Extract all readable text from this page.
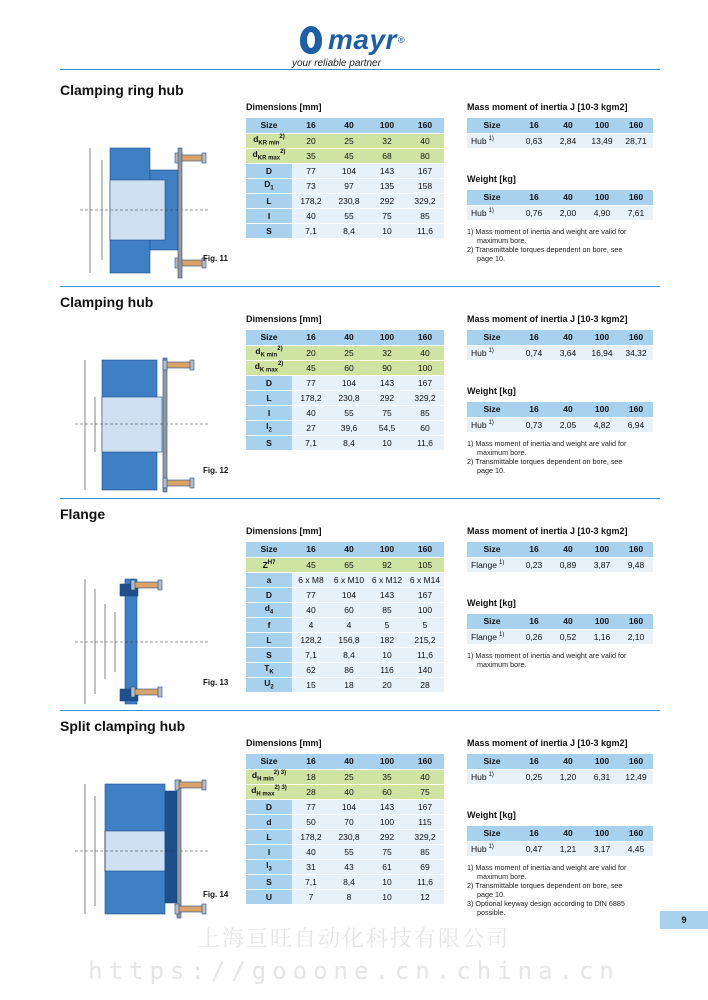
mayr ®
your reliable partner
Clamping ring hub
Fig. 11
Dimensions [mm]
Size	16	40	100	160
$d_{KR min}^{2)}$	20	25	32	40
$d_{KR max}^{2)}$	35	45	68	80
D	77	104	143	167
$D_1$	73	97	135	158
L	178,2	230,8	292	329,2
l	40	55	75	85
S	7,1	8,4	10	11,6
Mass moment of inertia J [10-3 kgm2]
Size	16	40	100	160
Hub $^{1)}$	0,63	2,84	13,49	28,71
Weight [kg]
Size	16	40	100	160
Hub $^{1)}$	0,76	2,00	4,90	7,61
1) Mass moment of inertia and weight are valid for
maximum bore.
2) Transmittable torques dependent on bore, see
page 10.
Clamping hub
Fig. 12
Dimensions [mm]
Size	16	40	100	160
$d_{K min}^{2)}$	20	25	32	40
$d_{K max}^{2)}$	45	60	90	100
D	77	104	143	167
L	178,2	230,8	292	329,2
l	40	55	75	85
$l_2$	27	39,6	54,5	60
S	7,1	8,4	10	11,6
Mass moment of inertia J [10-3 kgm2]
Size	16	40	100	160
Hub $^{1)}$	0,74	3,64	16,94	34,32
Weight [kg]
Size	16	40	100	160
Hub $^{1)}$	0,73	2,05	4,82	6,94
1) Mass moment of inertia and weight are valid for
maximum bore.
2) Transmittable torques dependent on bore, see
page 10.
Flange
Fig. 13
Dimensions [mm]
Size	16	40	100	160
$Z^{H7}$	45	65	92	105
a	6 x M8	6 x M10	6 x M12	6 x M14
D	77	104	143	167
$d_4$	40	60	85	100
f	4	4	5	5
L	128,2	156,8	182	215,2
S	7,1	8,4	10	11,6
$T_K$	62	86	116	140
$U_2$	15	18	20	28
Mass moment of inertia J [10-3 kgm2]
Size	16	40	100	160
Flange $^{1)}$	0,23	0,89	3,87	9,48
Weight [kg]
Size	16	40	100	160
Flange $^{1)}$	0,26	0,52	1,16	2,10
1) Mass moment of inertia and weight are valid for
maximum bore.
Split clamping hub
Fig. 14
Dimensions [mm]
Size	16	40	100	160
$d_{H min}^{2) 3)}$	18	25	35	40
$d_{H max}^{2) 3)}$	28	40	60	75
D	77	104	143	167
d	50	70	100	115
L	178,2	230,8	292	329,2
l	40	55	75	85
$l_3$	31	43	61	69
S	7,1	8,4	10	11,6
U	7	8	10	12
Mass moment of inertia J [10-3 kgm2]
Size	16	40	100	160
Hub $^{1)}$	0,25	1,20	6,31	12,49
Weight [kg]
Size	16	40	100	160
Hub $^{1)}$	0,47	1,21	3,17	4,45
1) Mass moment of inertia and weight are valid for
maximum bore.
2) Transmittable torques dependent on bore, see
page 10.
3) Optional keyway design according to DIN 6885
possible.
9
上海亘旺自动化科技有限公司
https://gooone.cn.china.cn
